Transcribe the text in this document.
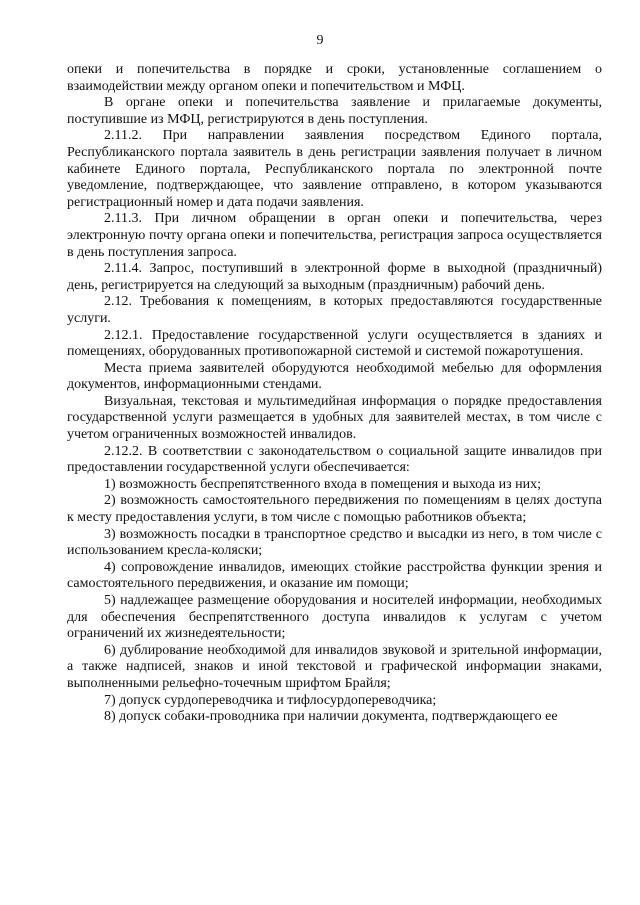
9

опеки и попечительства в порядке и сроки, установленные соглашением о взаимодействии между органом опеки и попечительством и МФЦ.

В органе опеки и попечительства заявление и прилагаемые документы, поступившие из МФЦ, регистрируются в день поступления.

2.11.2. При направлении заявления посредством Единого портала, Республиканского портала заявитель в день регистрации заявления получает в личном кабинете Единого портала, Республиканского портала по электронной почте уведомление, подтверждающее, что заявление отправлено, в котором указываются регистрационный номер и дата подачи заявления.

2.11.3. При личном обращении в орган опеки и попечительства, через электронную почту органа опеки и попечительства, регистрация запроса осуществляется в день поступления запроса.

2.11.4. Запрос, поступивший в электронной форме в выходной (праздничный) день, регистрируется на следующий за выходным (праздничным) рабочий день.

2.12. Требования к помещениям, в которых предоставляются государственные услуги.

2.12.1. Предоставление государственной услуги осуществляется в зданиях и помещениях, оборудованных противопожарной системой и системой пожаротушения.

Места приема заявителей оборудуются необходимой мебелью для оформления документов, информационными стендами.

Визуальная, текстовая и мультимедийная информация о порядке предоставления государственной услуги размещается в удобных для заявителей местах, в том числе с учетом ограниченных возможностей инвалидов.

2.12.2. В соответствии с законодательством о социальной защите инвалидов при предоставлении государственной услуги обеспечивается:

1) возможность беспрепятственного входа в помещения и выхода из них;

2) возможность самостоятельного передвижения по помещениям в целях доступа к месту предоставления услуги, в том числе с помощью работников объекта;

3) возможность посадки в транспортное средство и высадки из него, в том числе с использованием кресла-коляски;

4) сопровождение инвалидов, имеющих стойкие расстройства функции зрения и самостоятельного передвижения, и оказание им помощи;

5) надлежащее размещение оборудования и носителей информации, необходимых для обеспечения беспрепятственного доступа инвалидов к услугам с учетом ограничений их жизнедеятельности;

6) дублирование необходимой для инвалидов звуковой и зрительной информации, а также надписей, знаков и иной текстовой и графической информации знаками, выполненными рельефно-точечным шрифтом Брайля;

7) допуск сурдопереводчика и тифлосурдопереводчика;

8) допуск собаки-проводника при наличии документа, подтверждающего ее
